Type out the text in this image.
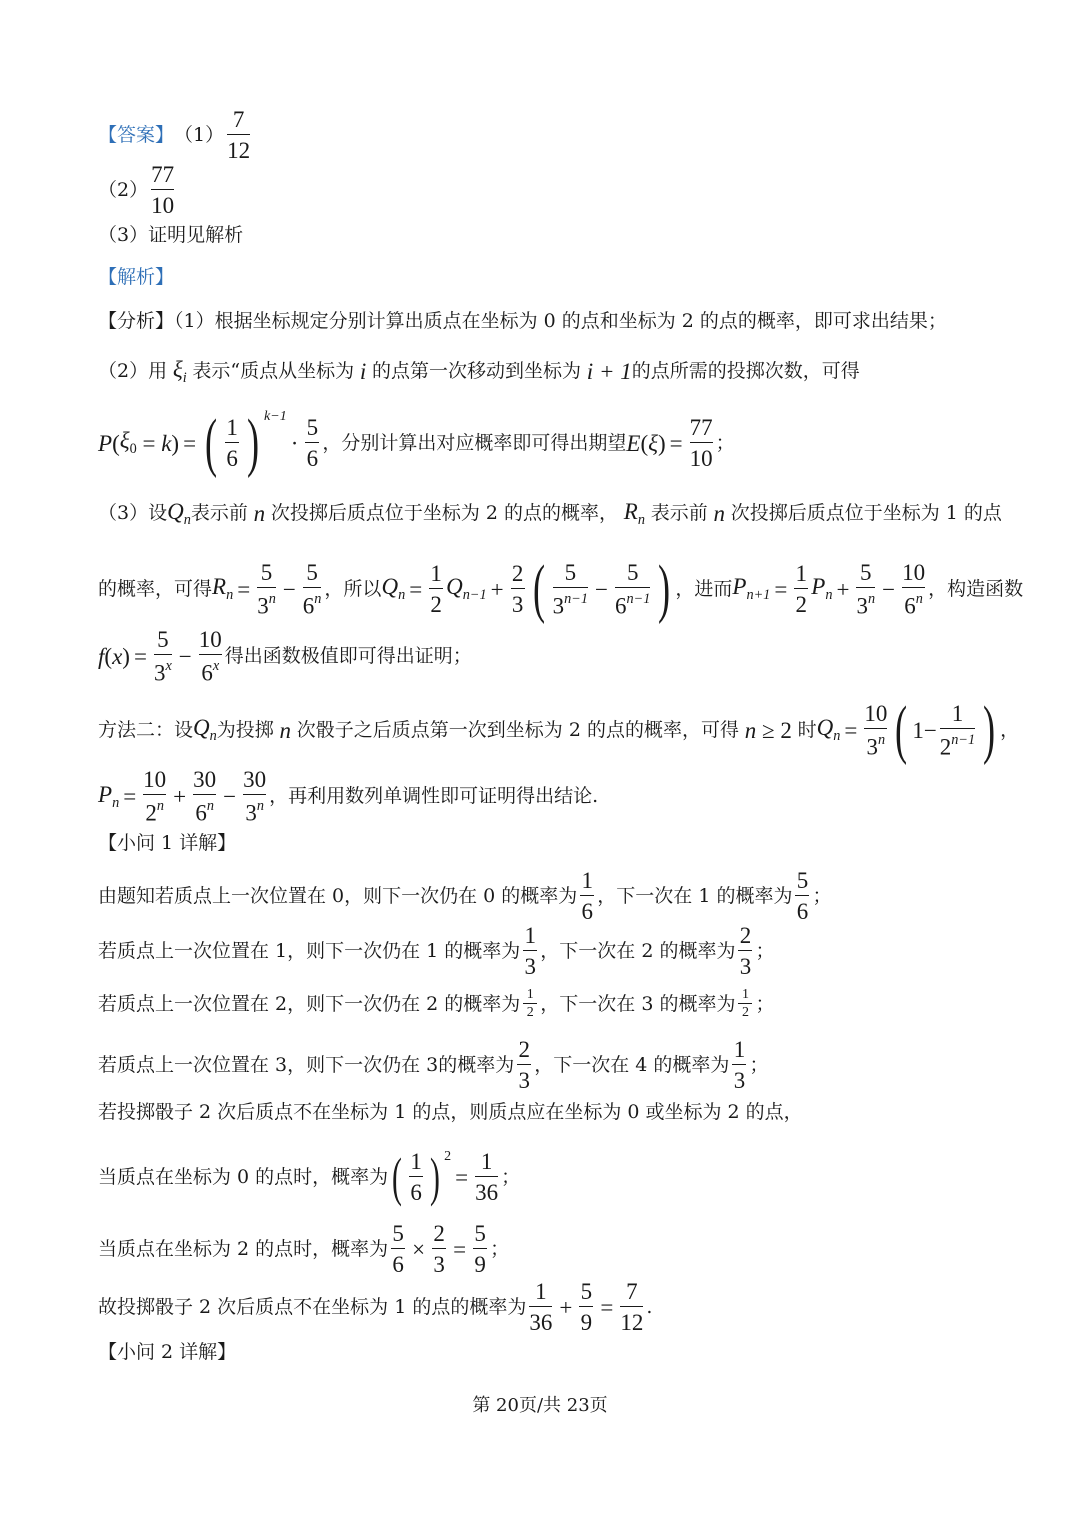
【答案】 （1）
7
12
（2）
77
10
（3）证明见解析
【解析】
【分析】（1）根据坐标规定分别计算出质点在坐标为 0 的点和坐标为 2 的点的概率，即可求出结果；
（2）用 $\xi_i$ 表示“质点从坐标为 i 的点第一次移动到坐标为 i + 1 的点所需的投掷次数，可得
P ( $\xi_0 = k$ ) = ( 1
6 ) k−1
·
5
6
，分别计算出对应概率即可得出期望 E ( ξ ) =
77
10
；
（3）设 $Q_n$ 表示前 n 次投掷后质点位于坐标为 2 的点的概率， $R_n$ 表示前 n 次投掷后质点位于坐标为 1 的点
的概率，可得 $R_n$ =
5
$3^n$ −
5
6$^n$ ，所以 $Q_n$ =
1
2
$Q_{n-1}$ +
2
3 ( 5
$3^{n-1}$ −
5
$6^{n-1}$ ) ，进而 $P_{n+1}$ =
1
2
$P_n$ +
5
$3^n$ −
10
6$^n$ ，构造函数
f ( x ) =
5
$3^x$ −
10
6$^x$ 得出函数极值即可得出证明；
方法二：设 $Q_n$ 为投掷 n 次骰子之后质点第一次到坐标为 2 的点的概率，可得 n ≥ 2 时 $Q_n$ =
10
3$^n$ ( 1−
1
$2^{n-1}$ ) ，
$P_n$ =
10
$2^n$ +
30
$6^n$ −
30
3$^n$ ，再利用数列单调性即可证明得出结论.
【小问 1 详解】
由题知若质点上一次位置在 0，则下一次仍在 0 的概率为
1
6
，下一次在 1 的概率为
5
6
；
若质点上一次位置在 1，则下一次仍在 1 的概率为
1
3
，下一次在 2 的概率为
2
3
；
若质点上一次位置在 2，则下一次仍在 2 的概率为 1
2 ，下一次在 3 的概率为 1
2 ；
若质点上一次位置在 3，则下一次仍在 3的概率为
2
3
，下一次在 4 的概率为
1
3
；
若投掷骰子 2 次后质点不在坐标为 1 的点，则质点应在坐标为 0 或坐标为 2 的点，
当质点在坐标为 0 的点时，概率为 ( 1
6 ) 2
=
1
36
；
当质点在坐标为 2 的点时，概率为
5
6
×
2
3
=
5
9
；
故投掷骰子 2 次后质点不在坐标为 1 的点的概率为
1
36
+
5
9
=
7
12
.
【小问 2 详解】
第 20页/共 23页
